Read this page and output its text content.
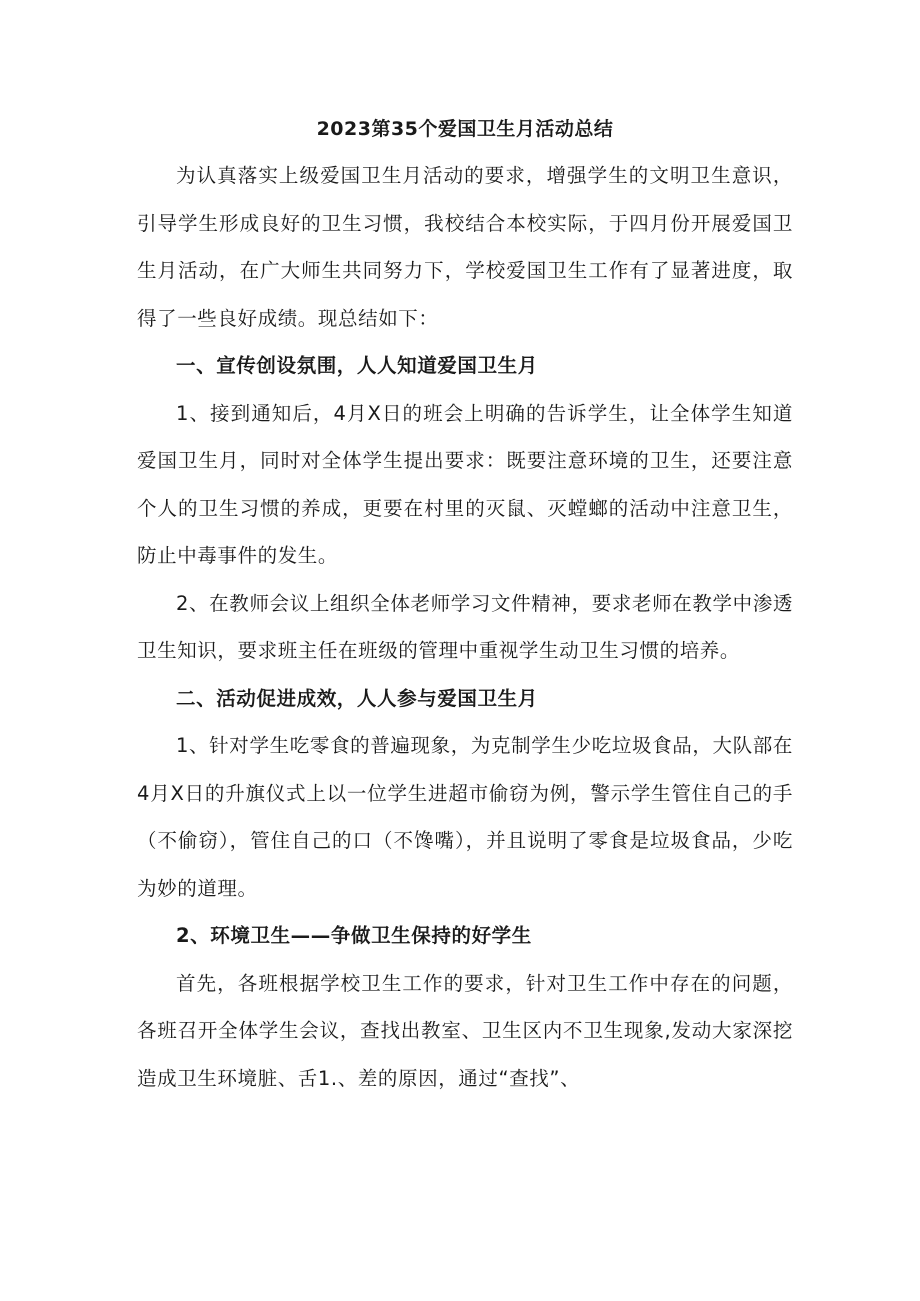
2023第35个爱国卫生月活动总结

为认真落实上级爱国卫生月活动的要求，增强学生的文明卫生意识，引导学生形成良好的卫生习惯，我校结合本校实际，于四月份开展爱国卫生月活动，在广大师生共同努力下，学校爱国卫生工作有了显著进度，取得了一些良好成绩。现总结如下：

一、宣传创设氛围，人人知道爱国卫生月

1、接到通知后，4月X日的班会上明确的告诉学生，让全体学生知道爱国卫生月，同时对全体学生提出要求：既要注意环境的卫生，还要注意个人的卫生习惯的养成，更要在村里的灭鼠、灭螳螂的活动中注意卫生，防止中毒事件的发生。

2、在教师会议上组织全体老师学习文件精神，要求老师在教学中渗透卫生知识，要求班主任在班级的管理中重视学生动卫生习惯的培养。

二、活动促进成效，人人参与爱国卫生月

1、针对学生吃零食的普遍现象，为克制学生少吃垃圾食品，大队部在4月X日的升旗仪式上以一位学生进超市偷窃为例，警示学生管住自己的手（不偷窃），管住自己的口（不馋嘴），并且说明了零食是垃圾食品，少吃为妙的道理。

2、环境卫生——争做卫生保持的好学生

首先，各班根据学校卫生工作的要求，针对卫生工作中存在的问题，各班召开全体学生会议，查找出教室、卫生区内不卫生现象,发动大家深挖造成卫生环境脏、舌1.、差的原因，通过“查找”、
